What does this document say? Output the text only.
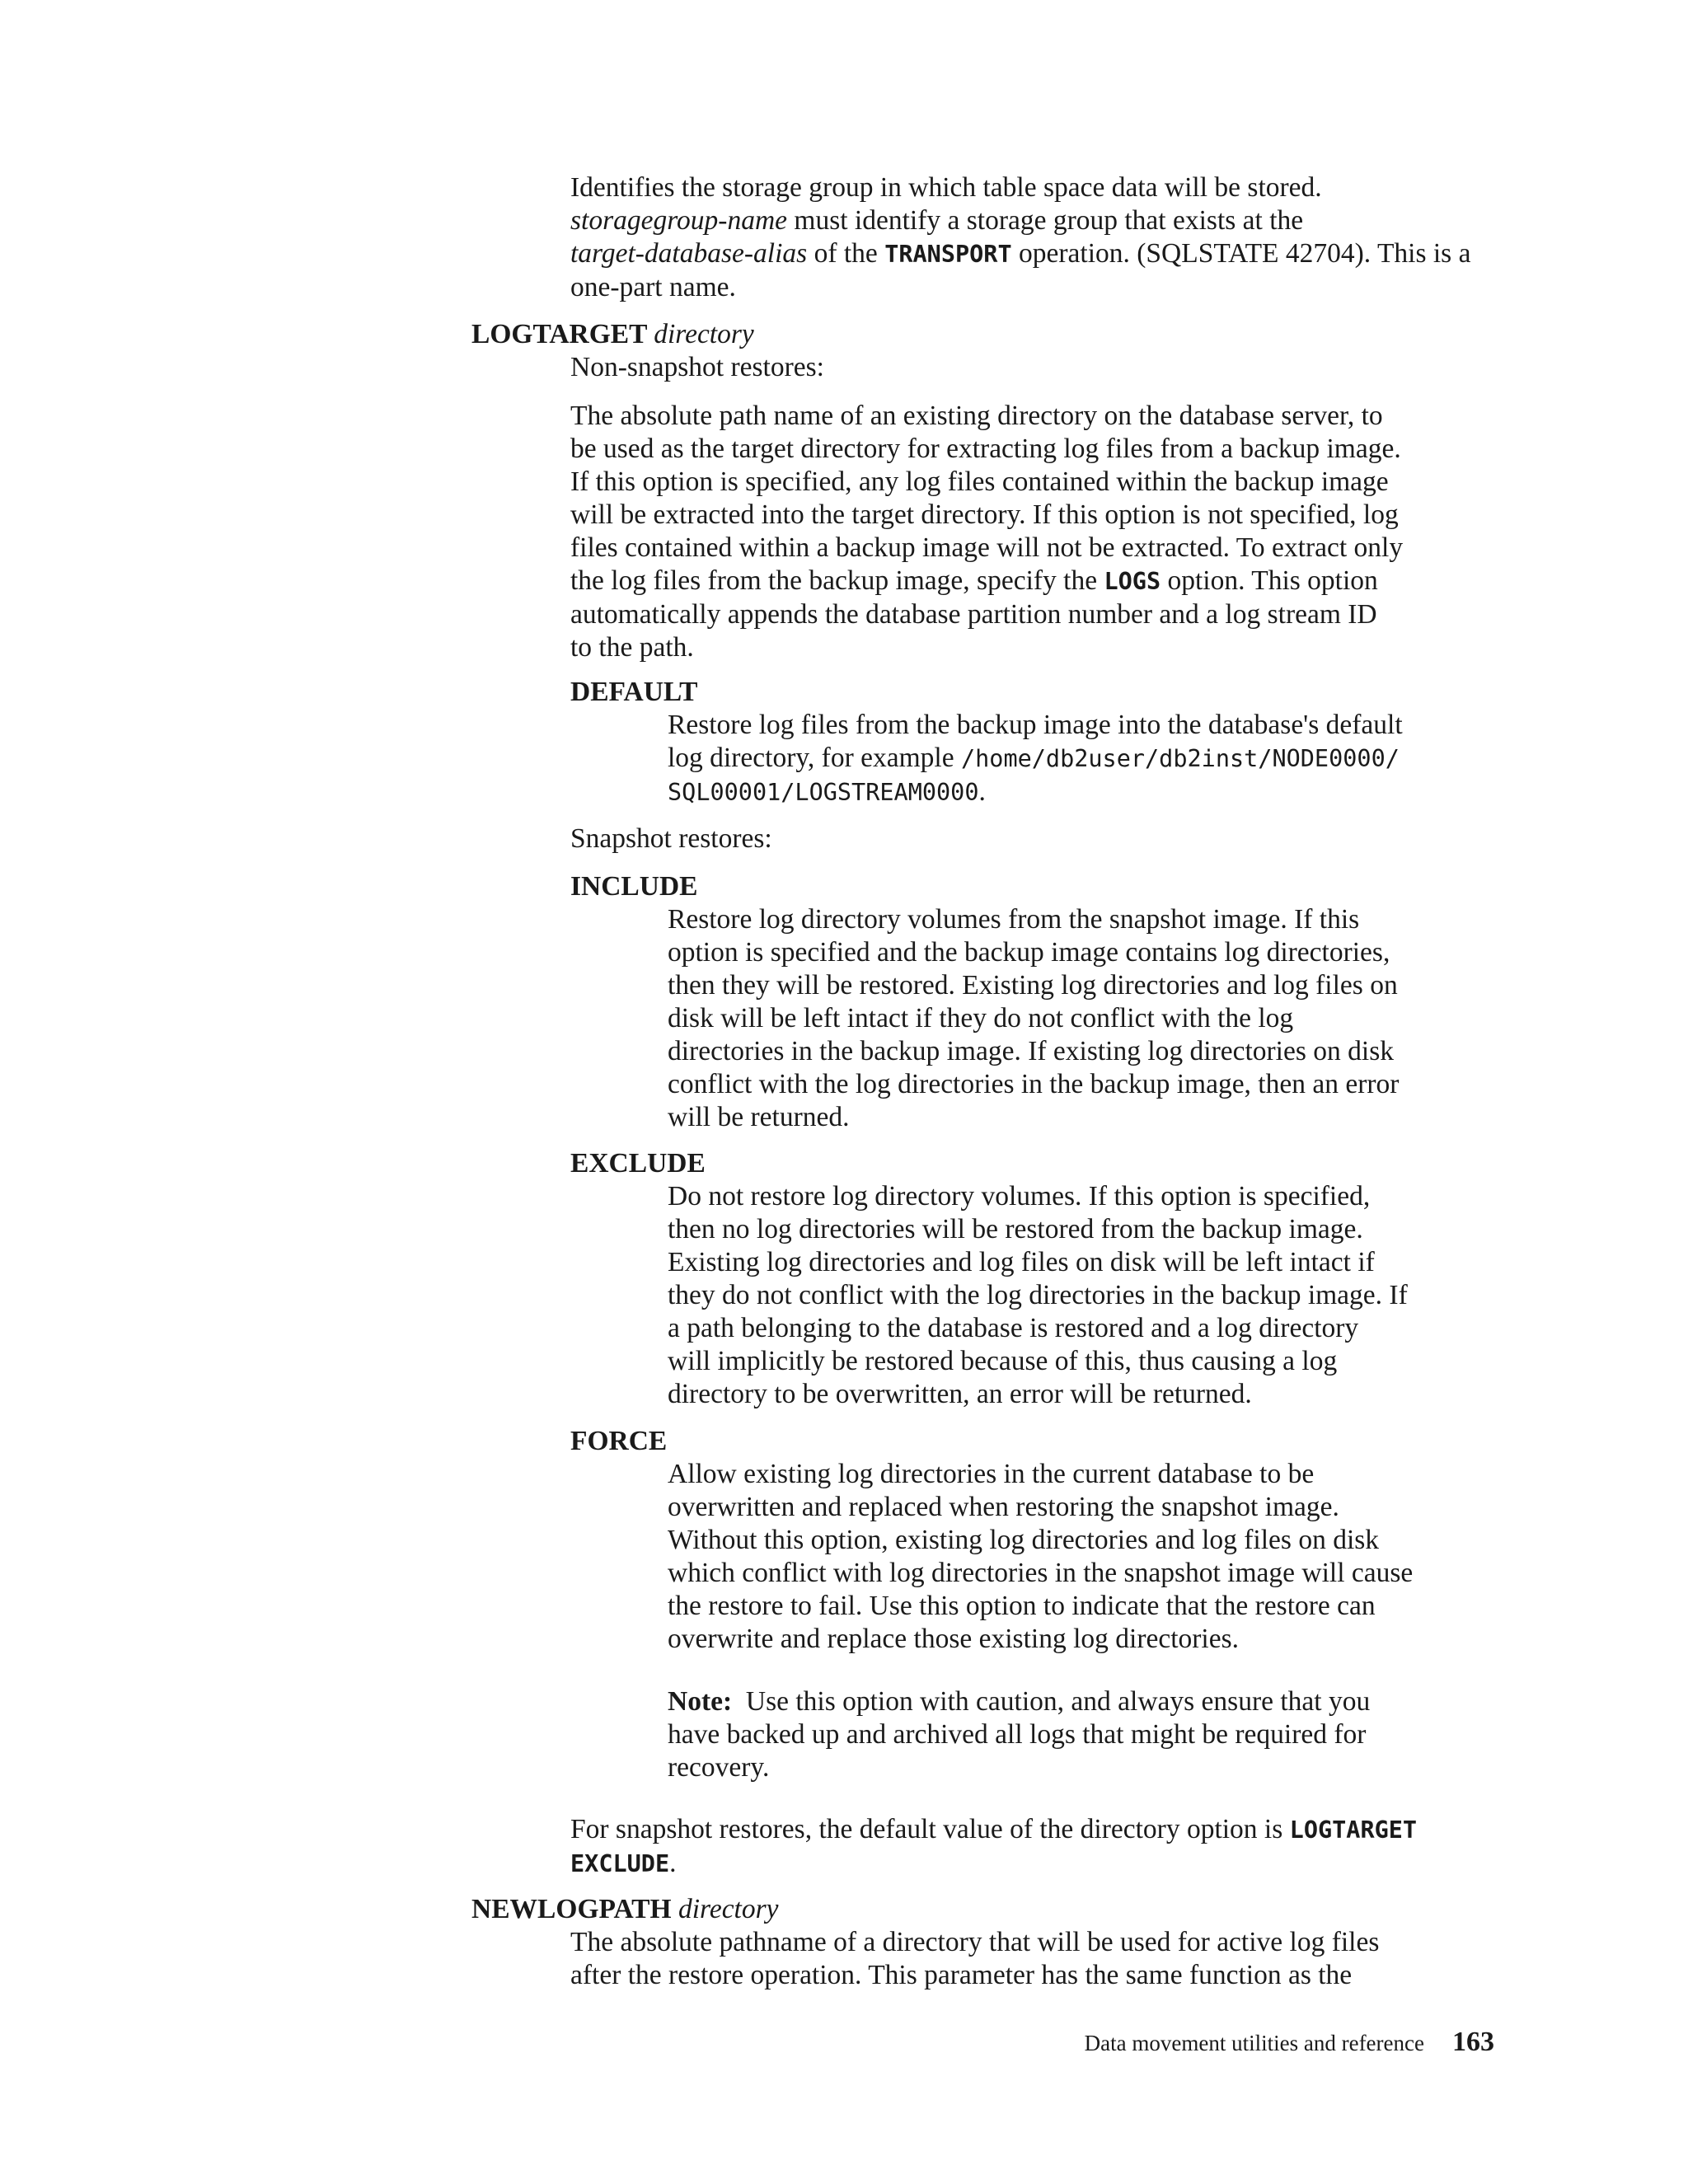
Identifies the storage group in which table space data will be stored.
storagegroup-name must identify a storage group that exists at the
target-database-alias of the TRANSPORT operation. (SQLSTATE 42704). This is a
one-part name.
LOGTARGET directory
Non-snapshot restores:
The absolute path name of an existing directory on the database server, to
be used as the target directory for extracting log files from a backup image.
If this option is specified, any log files contained within the backup image
will be extracted into the target directory. If this option is not specified, log
files contained within a backup image will not be extracted. To extract only
the log files from the backup image, specify the LOGS option. This option
automatically appends the database partition number and a log stream ID
to the path.
DEFAULT
Restore log files from the backup image into the database's default
log directory, for example /home/db2user/db2inst/NODE0000/
SQL00001/LOGSTREAM0000.
Snapshot restores:
INCLUDE
Restore log directory volumes from the snapshot image. If this
option is specified and the backup image contains log directories,
then they will be restored. Existing log directories and log files on
disk will be left intact if they do not conflict with the log
directories in the backup image. If existing log directories on disk
conflict with the log directories in the backup image, then an error
will be returned.
EXCLUDE
Do not restore log directory volumes. If this option is specified,
then no log directories will be restored from the backup image.
Existing log directories and log files on disk will be left intact if
they do not conflict with the log directories in the backup image. If
a path belonging to the database is restored and a log directory
will implicitly be restored because of this, thus causing a log
directory to be overwritten, an error will be returned.
FORCE
Allow existing log directories in the current database to be
overwritten and replaced when restoring the snapshot image.
Without this option, existing log directories and log files on disk
which conflict with log directories in the snapshot image will cause
the restore to fail. Use this option to indicate that the restore can
overwrite and replace those existing log directories.
Note:  Use this option with caution, and always ensure that you
have backed up and archived all logs that might be required for
recovery.
For snapshot restores, the default value of the directory option is LOGTARGET
EXCLUDE.
NEWLOGPATH directory
The absolute pathname of a directory that will be used for active log files
after the restore operation. This parameter has the same function as the
Data movement utilities and reference 163
